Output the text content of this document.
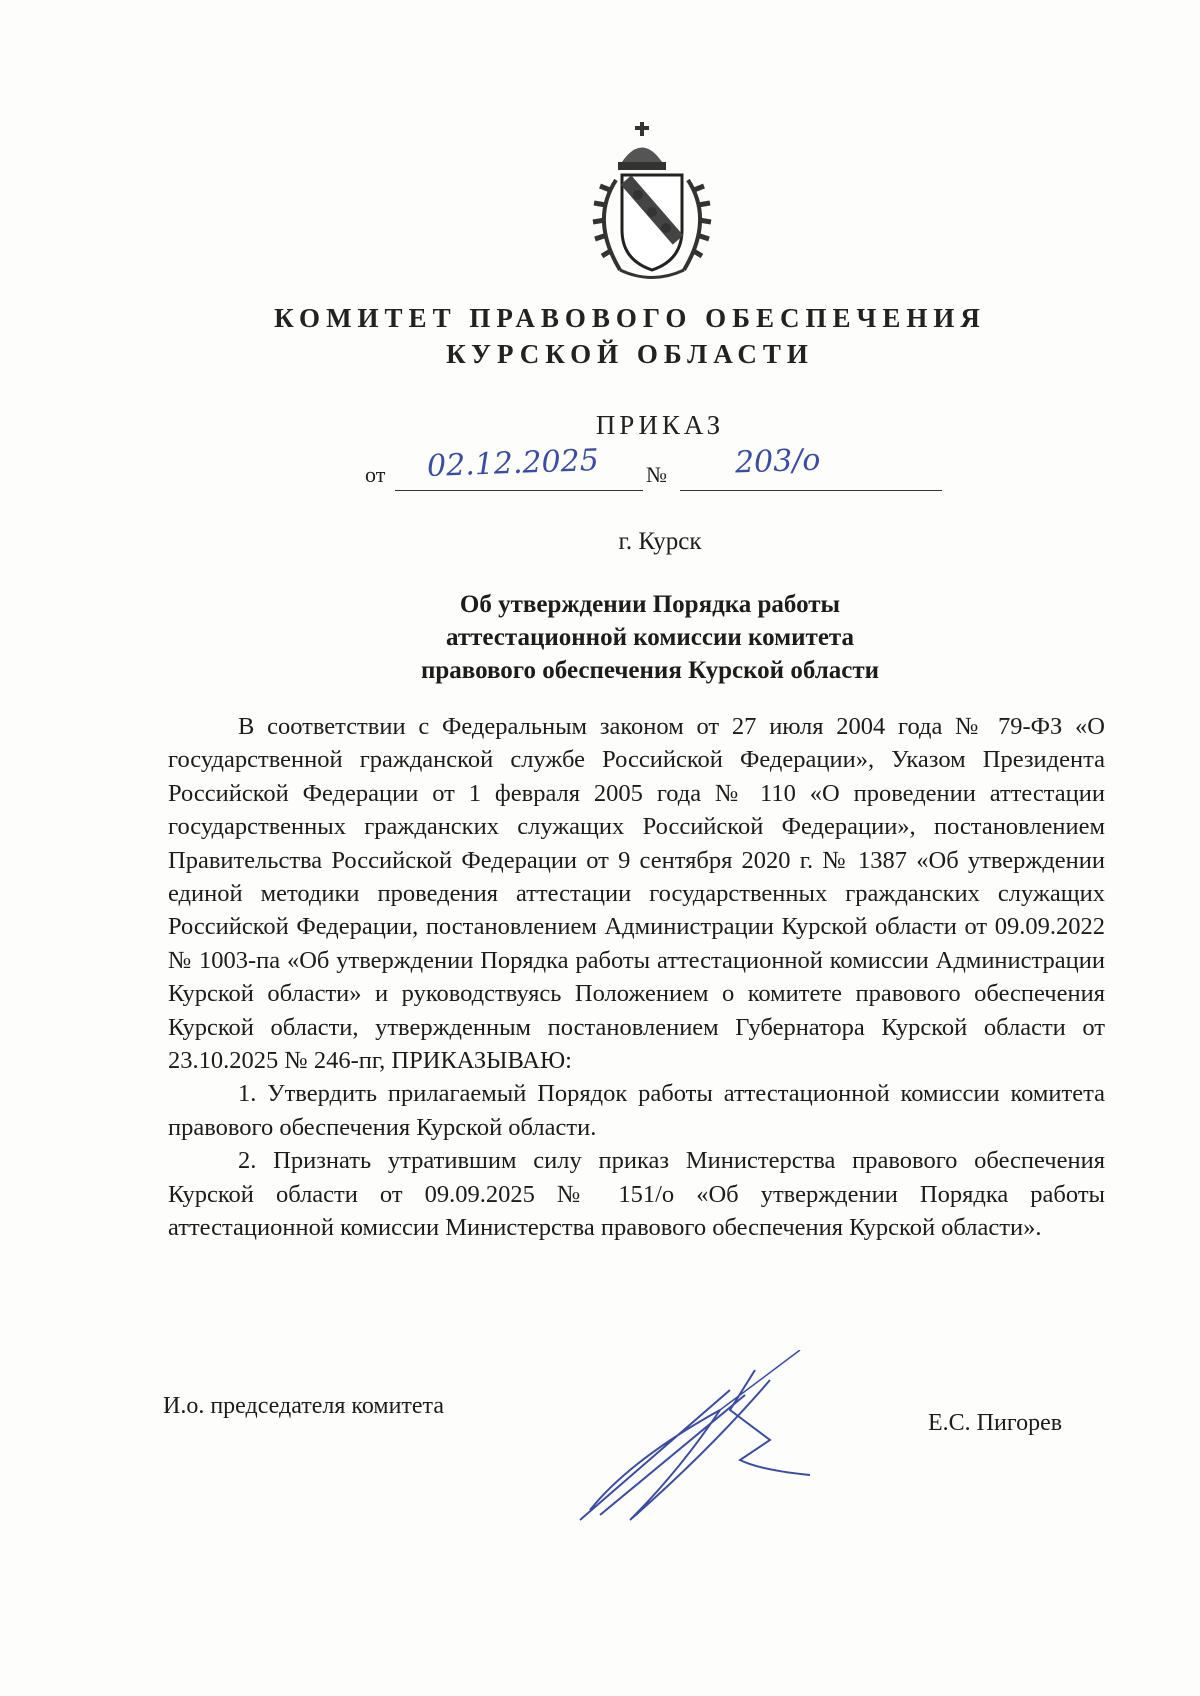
КОМИТЕТ ПРАВОВОГО ОБЕСПЕЧЕНИЯ
КУРСКОЙ ОБЛАСТИ
ПРИКАЗ
от 02.12.2025 № 203/о
г. Курск
Об утверждении Порядка работы
аттестационной комиссии комитета
правового обеспечения Курской области

В соответствии с Федеральным законом от 27 июля 2004 года № 79-ФЗ «О государственной гражданской службе Российской Федерации», Указом Президента Российской Федерации от 1 февраля 2005 года № 110 «О проведении аттестации государственных гражданских служащих Российской Федерации», постановлением Правительства Российской Федерации от 9 сентября 2020 г. № 1387 «Об утверждении единой методики проведения аттестации государственных гражданских служащих Российской Федерации, постановлением Администрации Курской области от 09.09.2022 № 1003-па «Об утверждении Порядка работы аттестационной комиссии Администрации Курской области» и руководствуясь Положением о комитете правового обеспечения Курской области, утвержденным постановлением Губернатора Курской области от 23.10.2025 № 246-пг, ПРИКАЗЫВАЮ:

1. Утвердить прилагаемый Порядок работы аттестационной комиссии комитета правового обеспечения Курской области.

2. Признать утратившим силу приказ Министерства правового обеспечения Курской области от 09.09.2025 № 151/о «Об утверждении Порядка работы аттестационной комиссии Министерства правового обеспечения Курской области».

И.о. председателя комитета
Е.С. Пигорев
